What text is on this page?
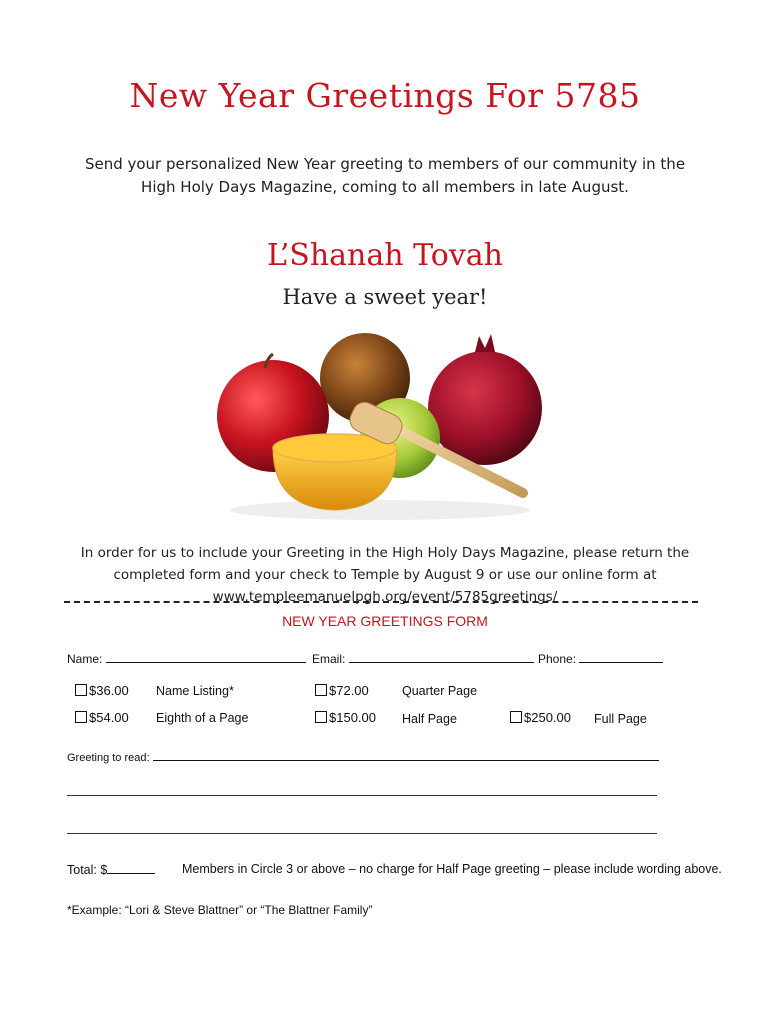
New Year Greetings For 5785
Send your personalized New Year greeting to members of our community in the
High Holy Days Magazine, coming to all members in late August.
L’Shanah Tovah
Have a sweet year!
In order for us to include your Greeting in the High Holy Days Magazine, please return the
completed form and your check to Temple by August 9 or use our online form at
www.templeemanuelpgh.org/event/5785greetings/
NEW YEAR GREETINGS FORM
Name:	Email:	Phone:
$36.00 Name Listing*	$72.00	Quarter Page
$54.00 Eighth of a Page	$150.00 Half Page	$250.00 Full Page
Greeting to read:
Total: $	Members in Circle 3 or above – no charge for Half Page greeting – please include wording above.
*Example: “Lori & Steve Blattner” or “The Blattner Family”
